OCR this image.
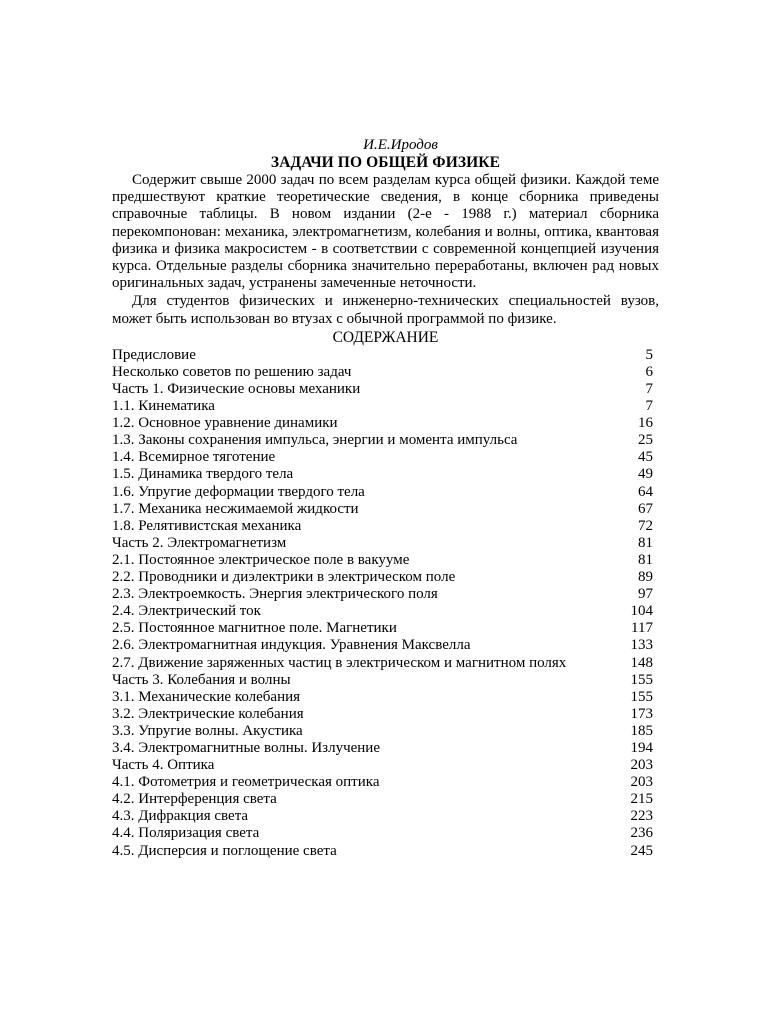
И.Е.Иродов
ЗАДАЧИ ПО ОБЩЕЙ ФИЗИКЕ

Содержит свыше 2000 задач по всем разделам курса общей физики. Каждой теме предшествуют краткие теоретические сведения, в конце сборника приведены справочные таблицы. В новом издании (2-е - 1988 г.) материал сборника перекомпонован: механика, электромагнетизм, колебания и волны, оптика, квантовая физика и физика макросистем - в соответствии с современной концепцией изучения курса. Отдельные разделы сборника значительно переработаны, включен рад новых оригинальных задач, устранены замеченные неточности.

Для студентов физических и инженерно-технических специальностей вузов, может быть использован во втузах с обычной программой по физике.

СОДЕРЖАНИЕ
Предисловие	5
Несколько советов по решению задач	6
Часть 1. Физические основы механики	7
1.1. Кинематика	7
1.2. Основное уравнение динамики	16
1.3. Законы сохранения импульса, энергии и момента импульса	25
1.4. Всемирное тяготение	45
1.5. Динамика твердого тела	49
1.6. Упругие деформации твердого тела	64
1.7. Механика несжимаемой жидкости	67
1.8. Релятивистская механика	72
Часть 2. Электромагнетизм	81
2.1. Постоянное электрическое поле в вакууме	81
2.2. Проводники и диэлектрики в электрическом поле	89
2.3. Электроемкость. Энергия электрического поля	97
2.4. Электрический ток	104
2.5. Постоянное магнитное поле. Магнетики	117
2.6. Электромагнитная индукция. Уравнения Максвелла	133
2.7. Движение заряженных частиц в электрическом и магнитном полях	148
Часть 3. Колебания и волны	155
3.1. Механические колебания	155
3.2. Электрические колебания	173
3.3. Упругие волны. Акустика	185
3.4. Электромагнитные волны. Излучение	194
Часть 4. Оптика	203
4.1. Фотометрия и геометрическая оптика	203
4.2. Интерференция света	215
4.3. Дифракция света	223
4.4. Поляризация света	236
4.5. Дисперсия и поглощение света	245
